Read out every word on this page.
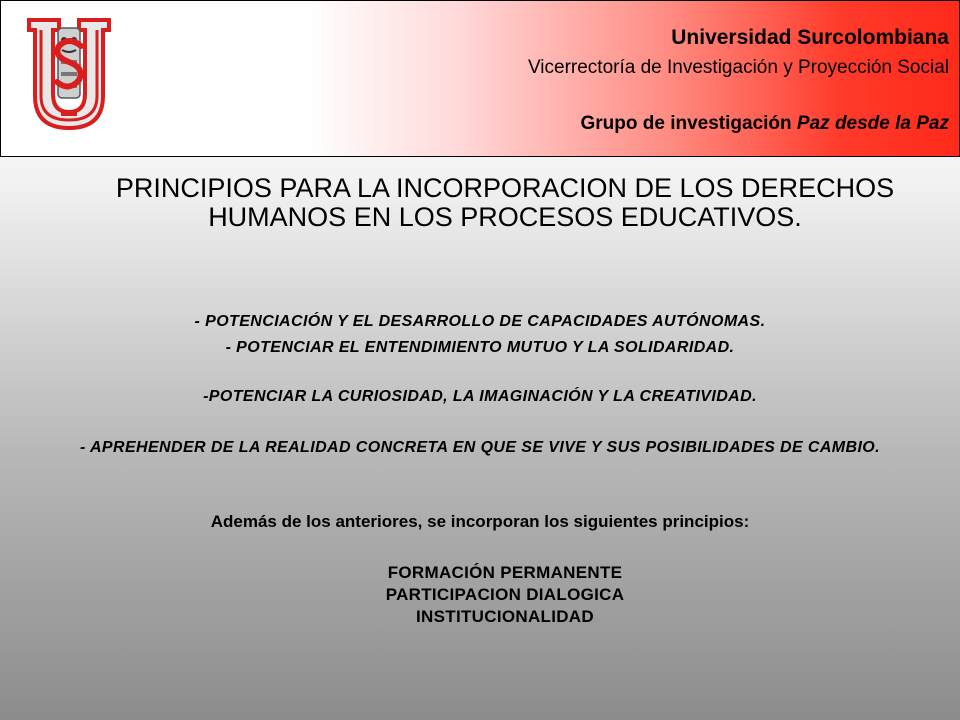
Universidad Surcolombiana
Vicerrectoría de Investigación y Proyección Social
Grupo de investigación Paz desde la Paz
PRINCIPIOS PARA LA INCORPORACION DE LOS DERECHOS HUMANOS EN LOS PROCESOS EDUCATIVOS.
- POTENCIACIÓN Y EL DESARROLLO DE CAPACIDADES AUTÓNOMAS.
- POTENCIAR EL ENTENDIMIENTO MUTUO Y LA SOLIDARIDAD.
-POTENCIAR LA CURIOSIDAD, LA IMAGINACIÓN Y LA CREATIVIDAD.
- APREHENDER DE LA REALIDAD CONCRETA EN QUE SE VIVE Y SUS POSIBILIDADES DE CAMBIO.
Además de los anteriores, se incorporan los siguientes principios:
FORMACIÓN PERMANENTE
PARTICIPACION DIALOGICA
INSTITUCIONALIDAD
